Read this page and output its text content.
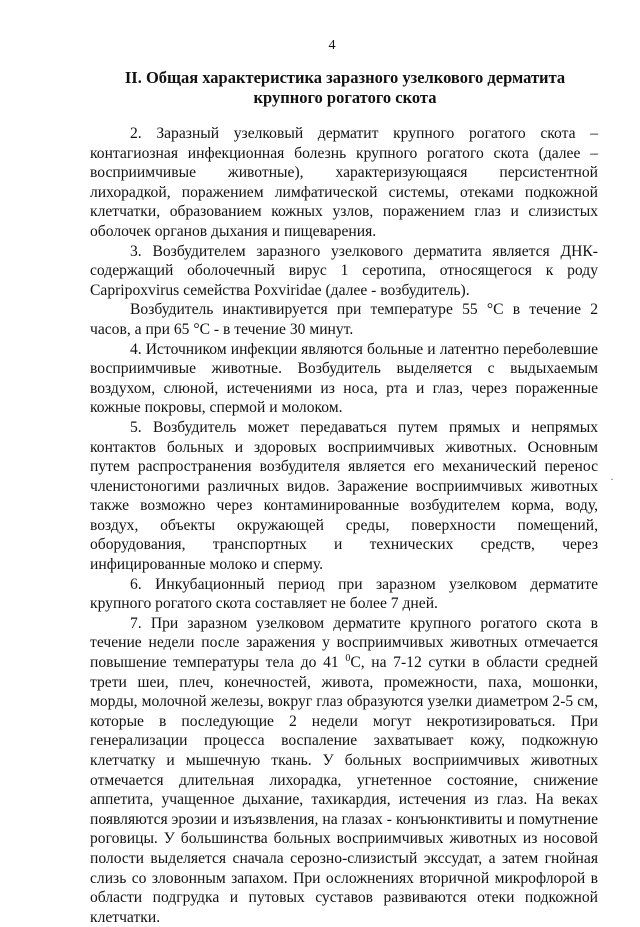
4
II. Общая характеристика заразного узелкового дерматита
крупного рогатого скота

2. Заразный узелковый дерматит крупного рогатого скота – контагиозная инфекционная болезнь крупного рогатого скота (далее – восприимчивые животные), характеризующаяся персистентной лихорадкой, поражением лимфатической системы, отеками подкожной клетчатки, образованием кожных узлов, поражением глаз и слизистых оболочек органов дыхания и пищеварения.

3. Возбудителем заразного узелкового дерматита является ДНК-содержащий оболочечный вирус 1 серотипа, относящегося к роду Capripoxvirus семейства Poxviridae (далее - возбудитель).

Возбудитель инактивируется при температуре 55 °С в течение 2 часов, а при 65 °С - в течение 30 минут.

4. Источником инфекции являются больные и латентно переболевшие восприимчивые животные. Возбудитель выделяется с выдыхаемым воздухом, слюной, истечениями из носа, рта и глаз, через пораженные кожные покровы, спермой и молоком.

5. Возбудитель может передаваться путем прямых и непрямых контактов больных и здоровых восприимчивых животных. Основным путем распространения возбудителя является его механический перенос членистоногими различных видов. Заражение восприимчивых животных также возможно через контаминированные возбудителем корма, воду, воздух, объекты окружающей среды, поверхности помещений, оборудования, транспортных и технических средств, через инфицированные молоко и сперму.

6. Инкубационный период при заразном узелковом дерматите крупного рогатого скота составляет не более 7 дней.

7. При заразном узелковом дерматите крупного рогатого скота в течение недели после заражения у восприимчивых животных отмечается повышение температуры тела до 41 $^0$С, на 7-12 сутки в области средней трети шеи, плеч, конечностей, живота, промежности, паха, мошонки, морды, молочной железы, вокруг глаз образуются узелки диаметром 2-5 см, которые в последующие 2 недели могут некротизироваться. При генерализации процесса воспаление захватывает кожу, подкожную клетчатку и мышечную ткань. У больных восприимчивых животных отмечается длительная лихорадка, угнетенное состояние, снижение аппетита, учащенное дыхание, тахикардия, истечения из глаз. На веках появляются эрозии и изъязвления, на глазах - конъюнктивиты и помутнение роговицы. У большинства больных восприимчивых животных из носовой полости выделяется сначала серозно-слизистый экссудат, а затем гнойная слизь со зловонным запахом. При осложнениях вторичной микрофлорой в области подгрудка и путовых суставов развиваются отеки подкожной клетчатки.

·
